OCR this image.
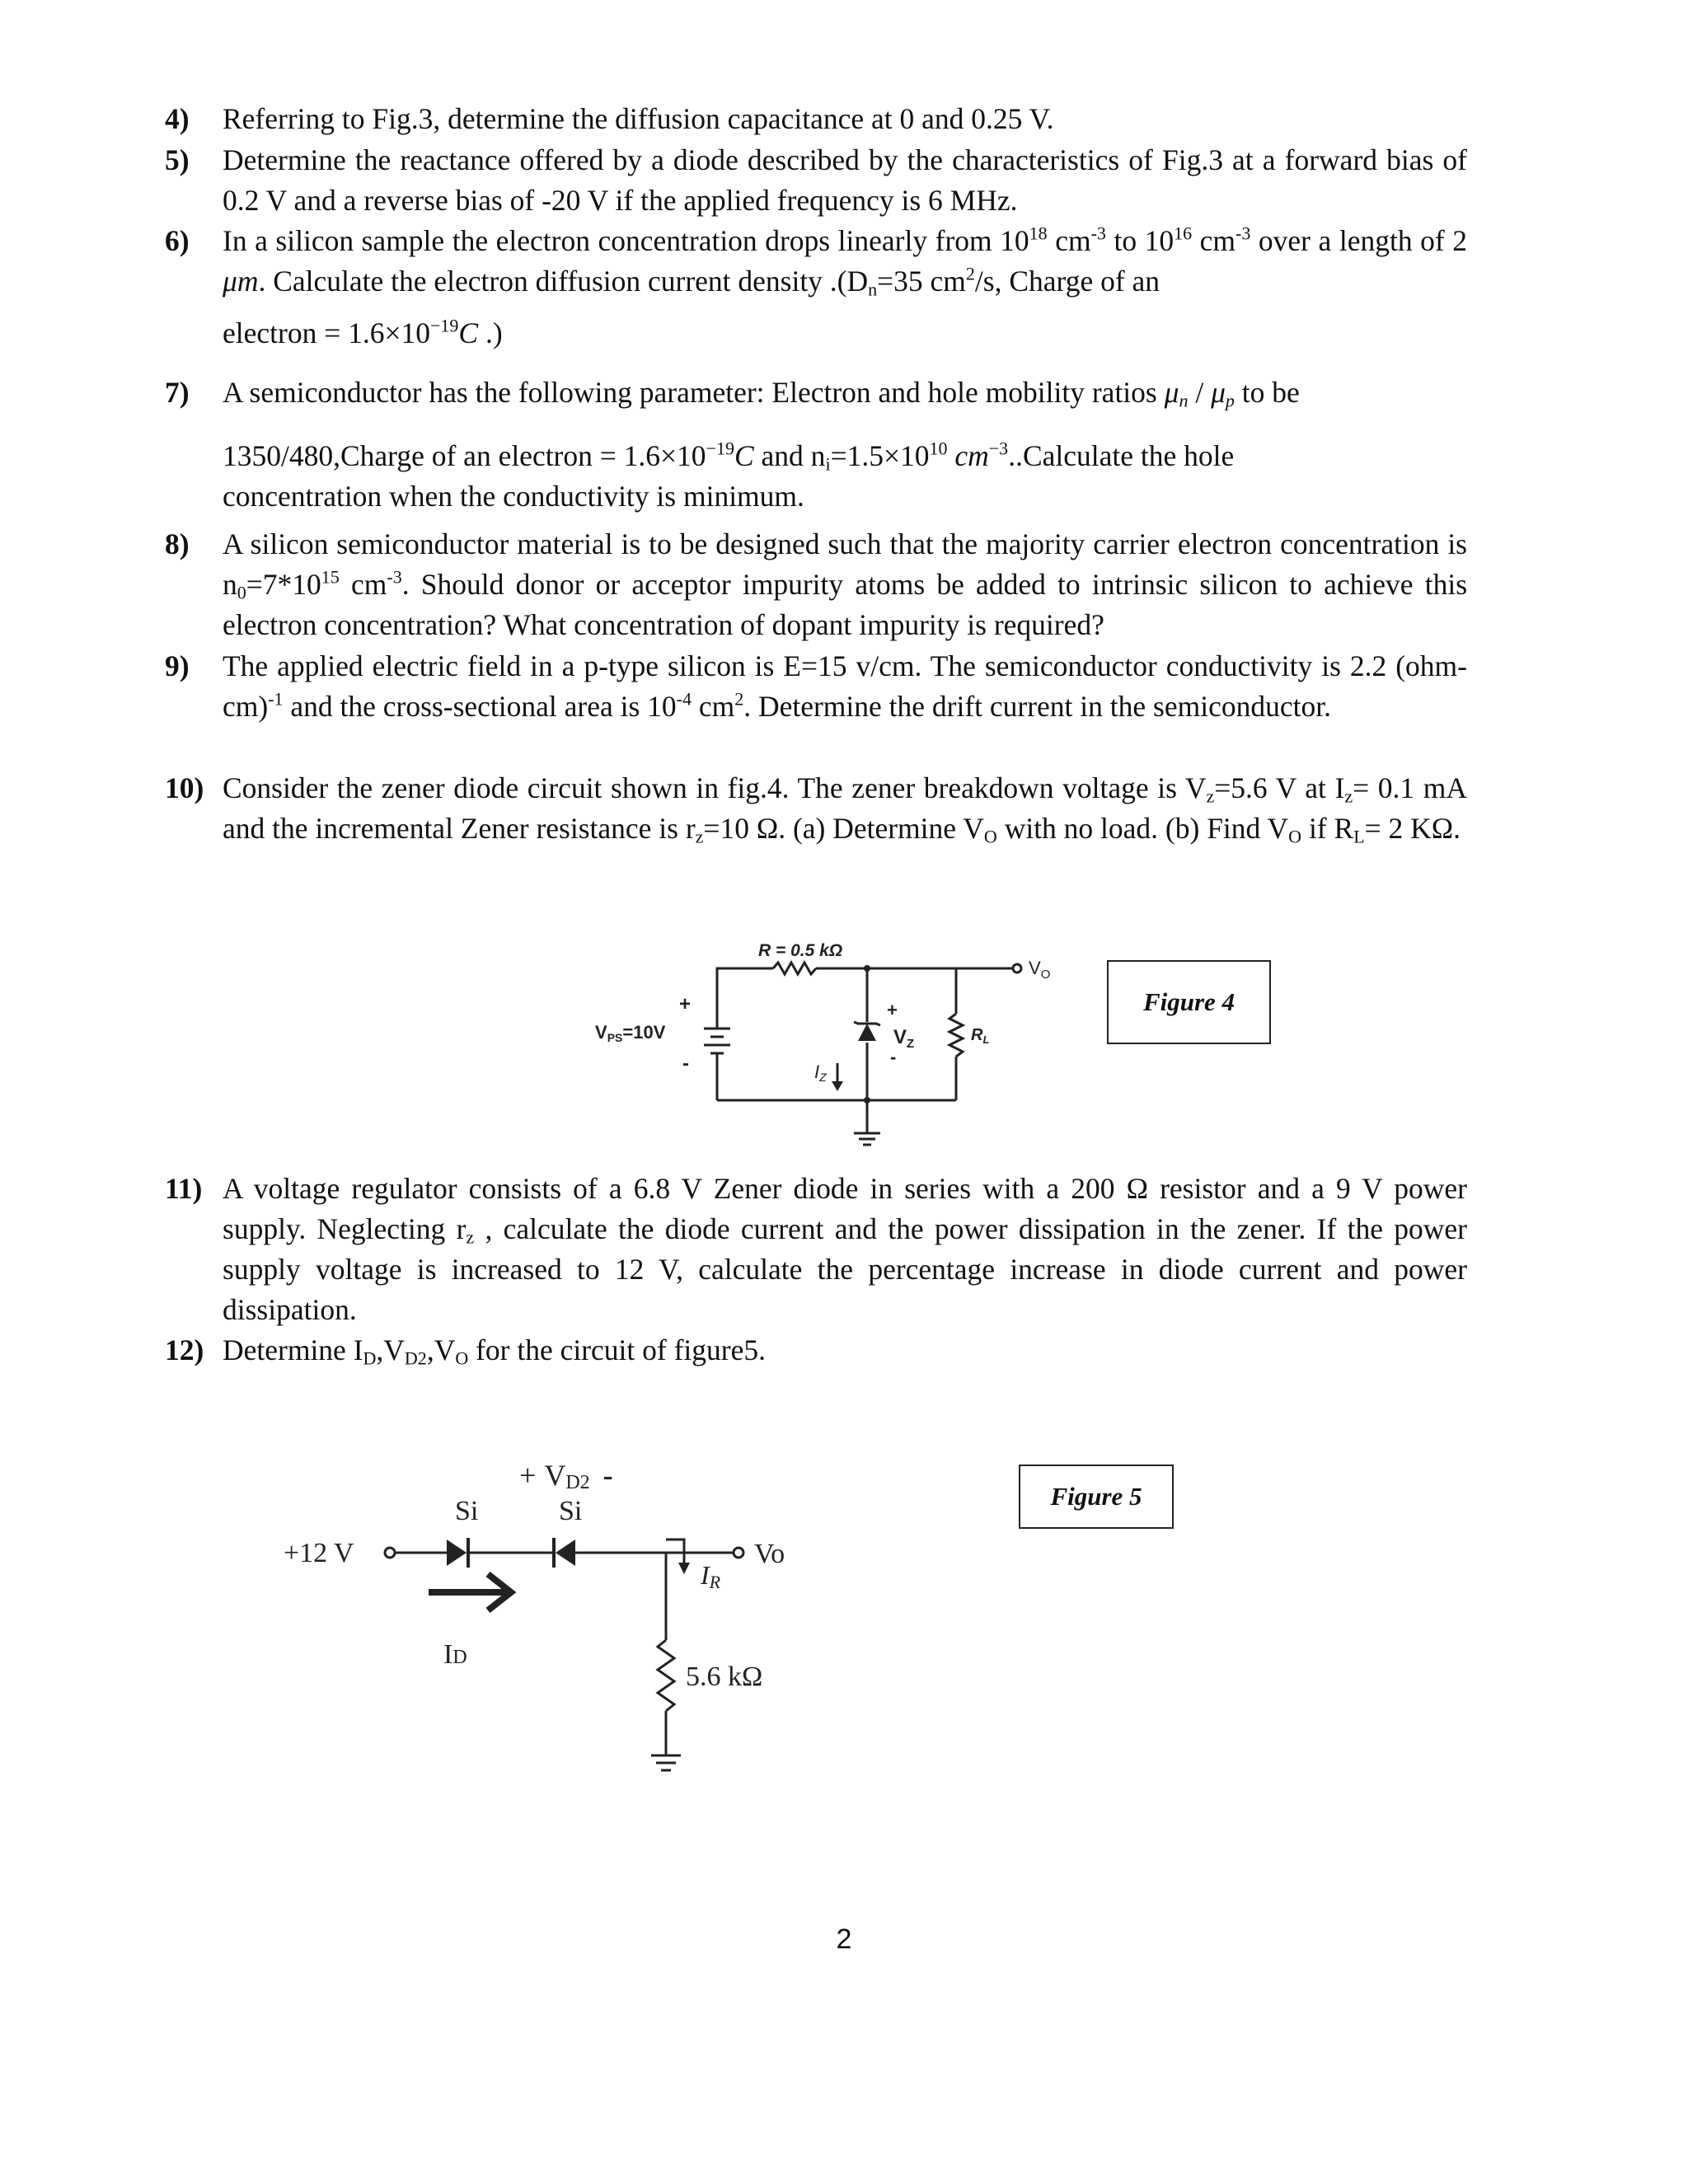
4) Referring to Fig.3, determine the diffusion capacitance at 0 and 0.25 V.

5) Determine the reactance offered by a diode described by the characteristics of Fig.3 at a forward bias of 0.2 V and a reverse bias of -20 V if the applied frequency is 6 MHz.

6) In a silicon sample the electron concentration drops linearly from $10^{18}$ $cm^{-3}$ to $10^{16}$ $cm^{-3}$ over a length of 2 μm. Calculate the electron diffusion current density $.(D_n=35$ $cm^2/s$, Charge of an

electron = $1.6\times 10^{-19}C$ .)

7) A semiconductor has the following parameter: Electron and hole mobility ratios $\mu_n / \mu_p$ to be

1350/480,Charge of an electron = $1.6\times 10^{-19}C$ and $n_i=1.5\times 10^{10}$ $cm^{-3}..Calculate$ the hole

concentration when the conductivity is minimum.

8) A silicon semiconductor material is to be designed such that the majority carrier electron concentration is $n_0=7*10^{15}$ $cm^{-3}$. Should donor or acceptor impurity atoms be added to intrinsic silicon to achieve this electron concentration? What concentration of dopant impurity is required?

9) The applied electric field in a p-type silicon is E=15 v/cm. The semiconductor conductivity is 2.2 $(ohm-cm)^{-1}$ and the cross-sectional area is $10^{-4}$ $cm^2$. Determine the drift current in the semiconductor.

10) Consider the zener diode circuit shown in fig.4. The zener breakdown voltage is $V_z=5.6$ V at $I_z= 0.1$ mA and the incremental Zener resistance is $r_z=10$ Ω. (a) Determine $V_O$ with no load. (b) Find $V_O$ if $R_L= 2$ KΩ.

R = 0.5 kΩ
VPS=10V
+
-
+
$V_Z$
-
IZ
$R_L$
$V_O$
Figure 4
11) A voltage regulator consists of a 6.8 V Zener diode in series with a 200 Ω resistor and a 9 V power supply. Neglecting $r_z$ , calculate the diode current and the power dissipation in the zener. If the power supply voltage is increased to 12 V, calculate the percentage increase in diode current and power dissipation.

12) Determine $I_D,V_{D2},V_O$ for the circuit of figure5.

+12 V
Si	Si
+ VD2 -
Vo
IR
ID
5.6 kΩ
Figure 5
2
